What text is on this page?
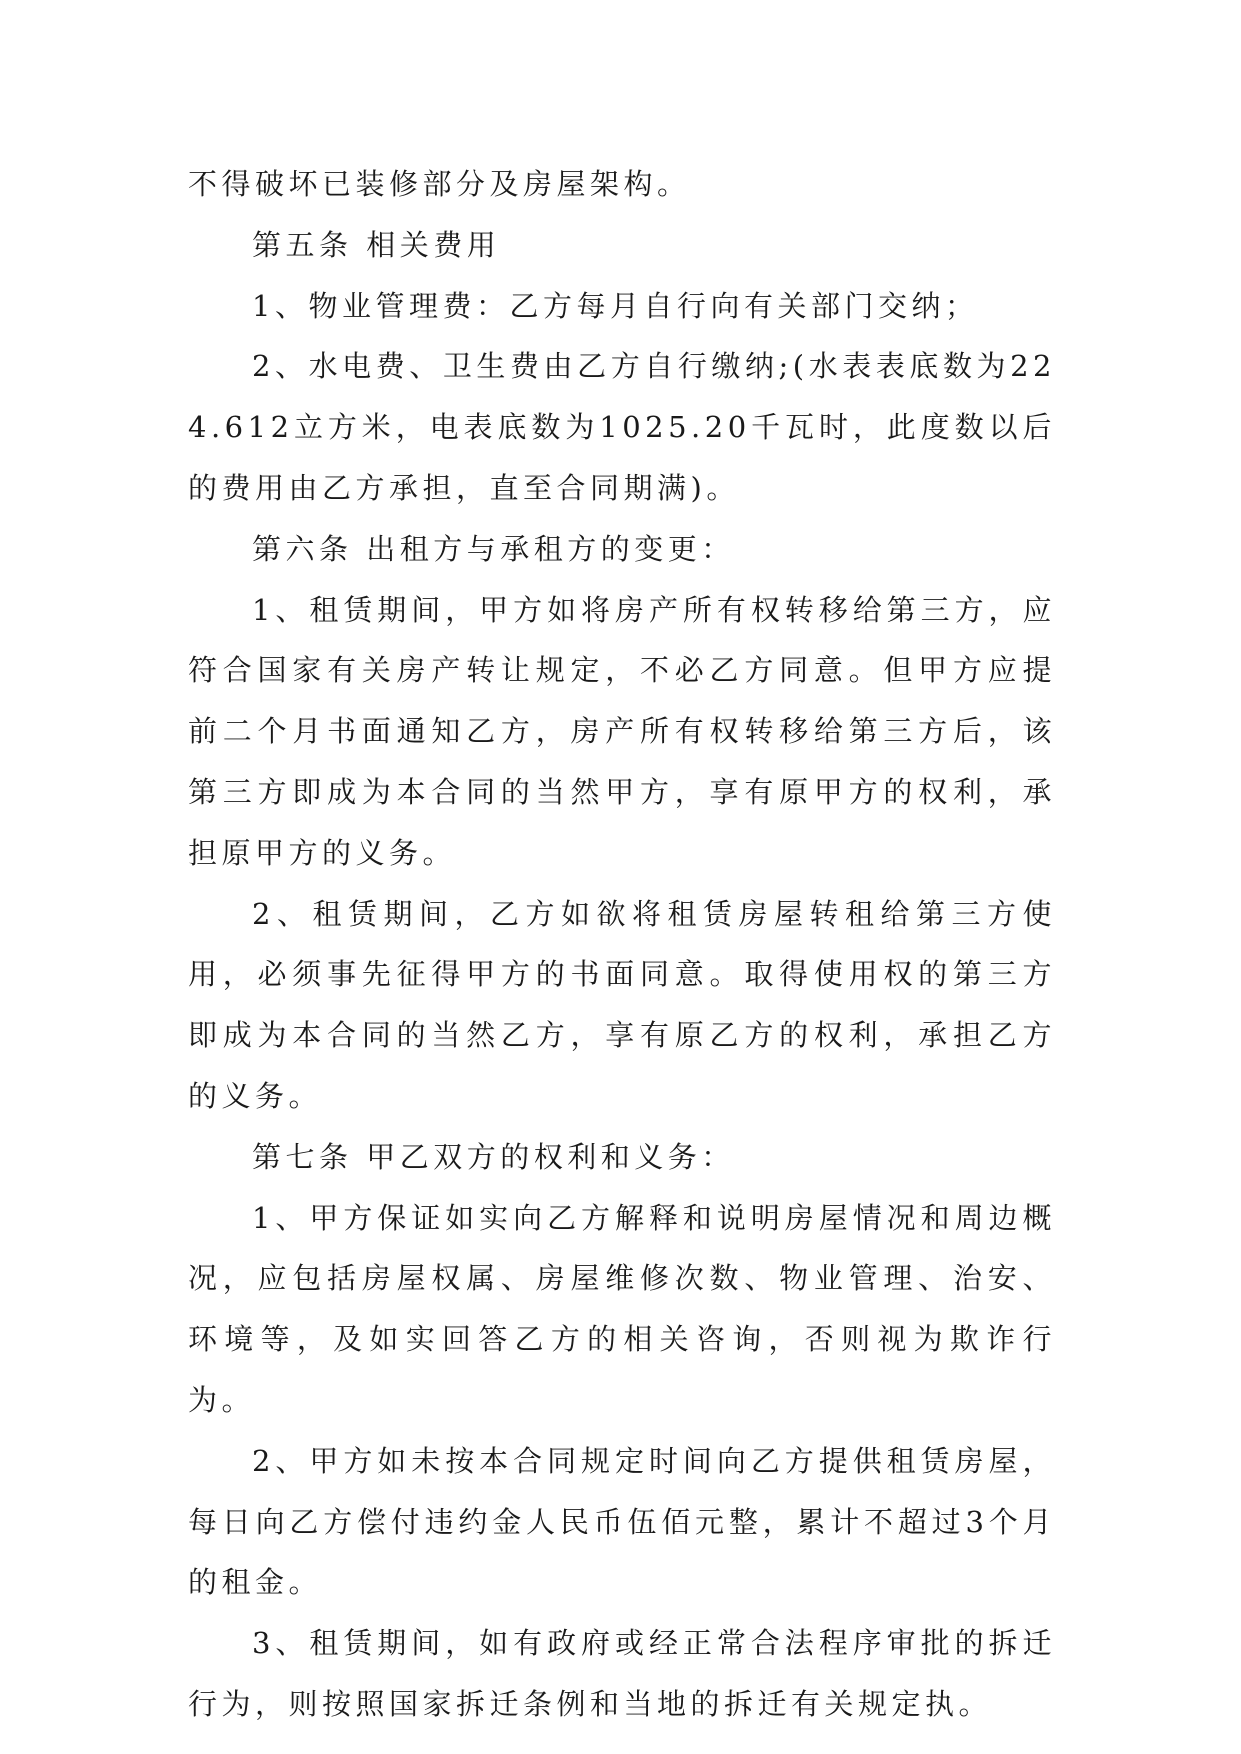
不得破坏已装修部分及房屋架构。

第五条 相关费用

1、物业管理费：乙方每月自行向有关部门交纳；

2、水电费、卫生费由乙方自行缴纳;(水表表底数为224.612立方米，电表底数为1025.20千瓦时，此度数以后的费用由乙方承担，直至合同期满)。

第六条 出租方与承租方的变更：

1、租赁期间，甲方如将房产所有权转移给第三方，应符合国家有关房产转让规定，不必乙方同意。但甲方应提前二个月书面通知乙方，房产所有权转移给第三方后，该第三方即成为本合同的当然甲方，享有原甲方的权利，承担原甲方的义务。

2、租赁期间，乙方如欲将租赁房屋转租给第三方使用，必须事先征得甲方的书面同意。取得使用权的第三方即成为本合同的当然乙方，享有原乙方的权利，承担乙方的义务。

第七条 甲乙双方的权利和义务：

1、甲方保证如实向乙方解释和说明房屋情况和周边概况，应包括房屋权属、房屋维修次数、物业管理、治安、环境等，及如实回答乙方的相关咨询，否则视为欺诈行为。

2、甲方如未按本合同规定时间向乙方提供租赁房屋，每日向乙方偿付违约金人民币伍佰元整，累计不超过3个月的租金。

3、租赁期间，如有政府或经正常合法程序审批的拆迁行为，则按照国家拆迁条例和当地的拆迁有关规定执。
